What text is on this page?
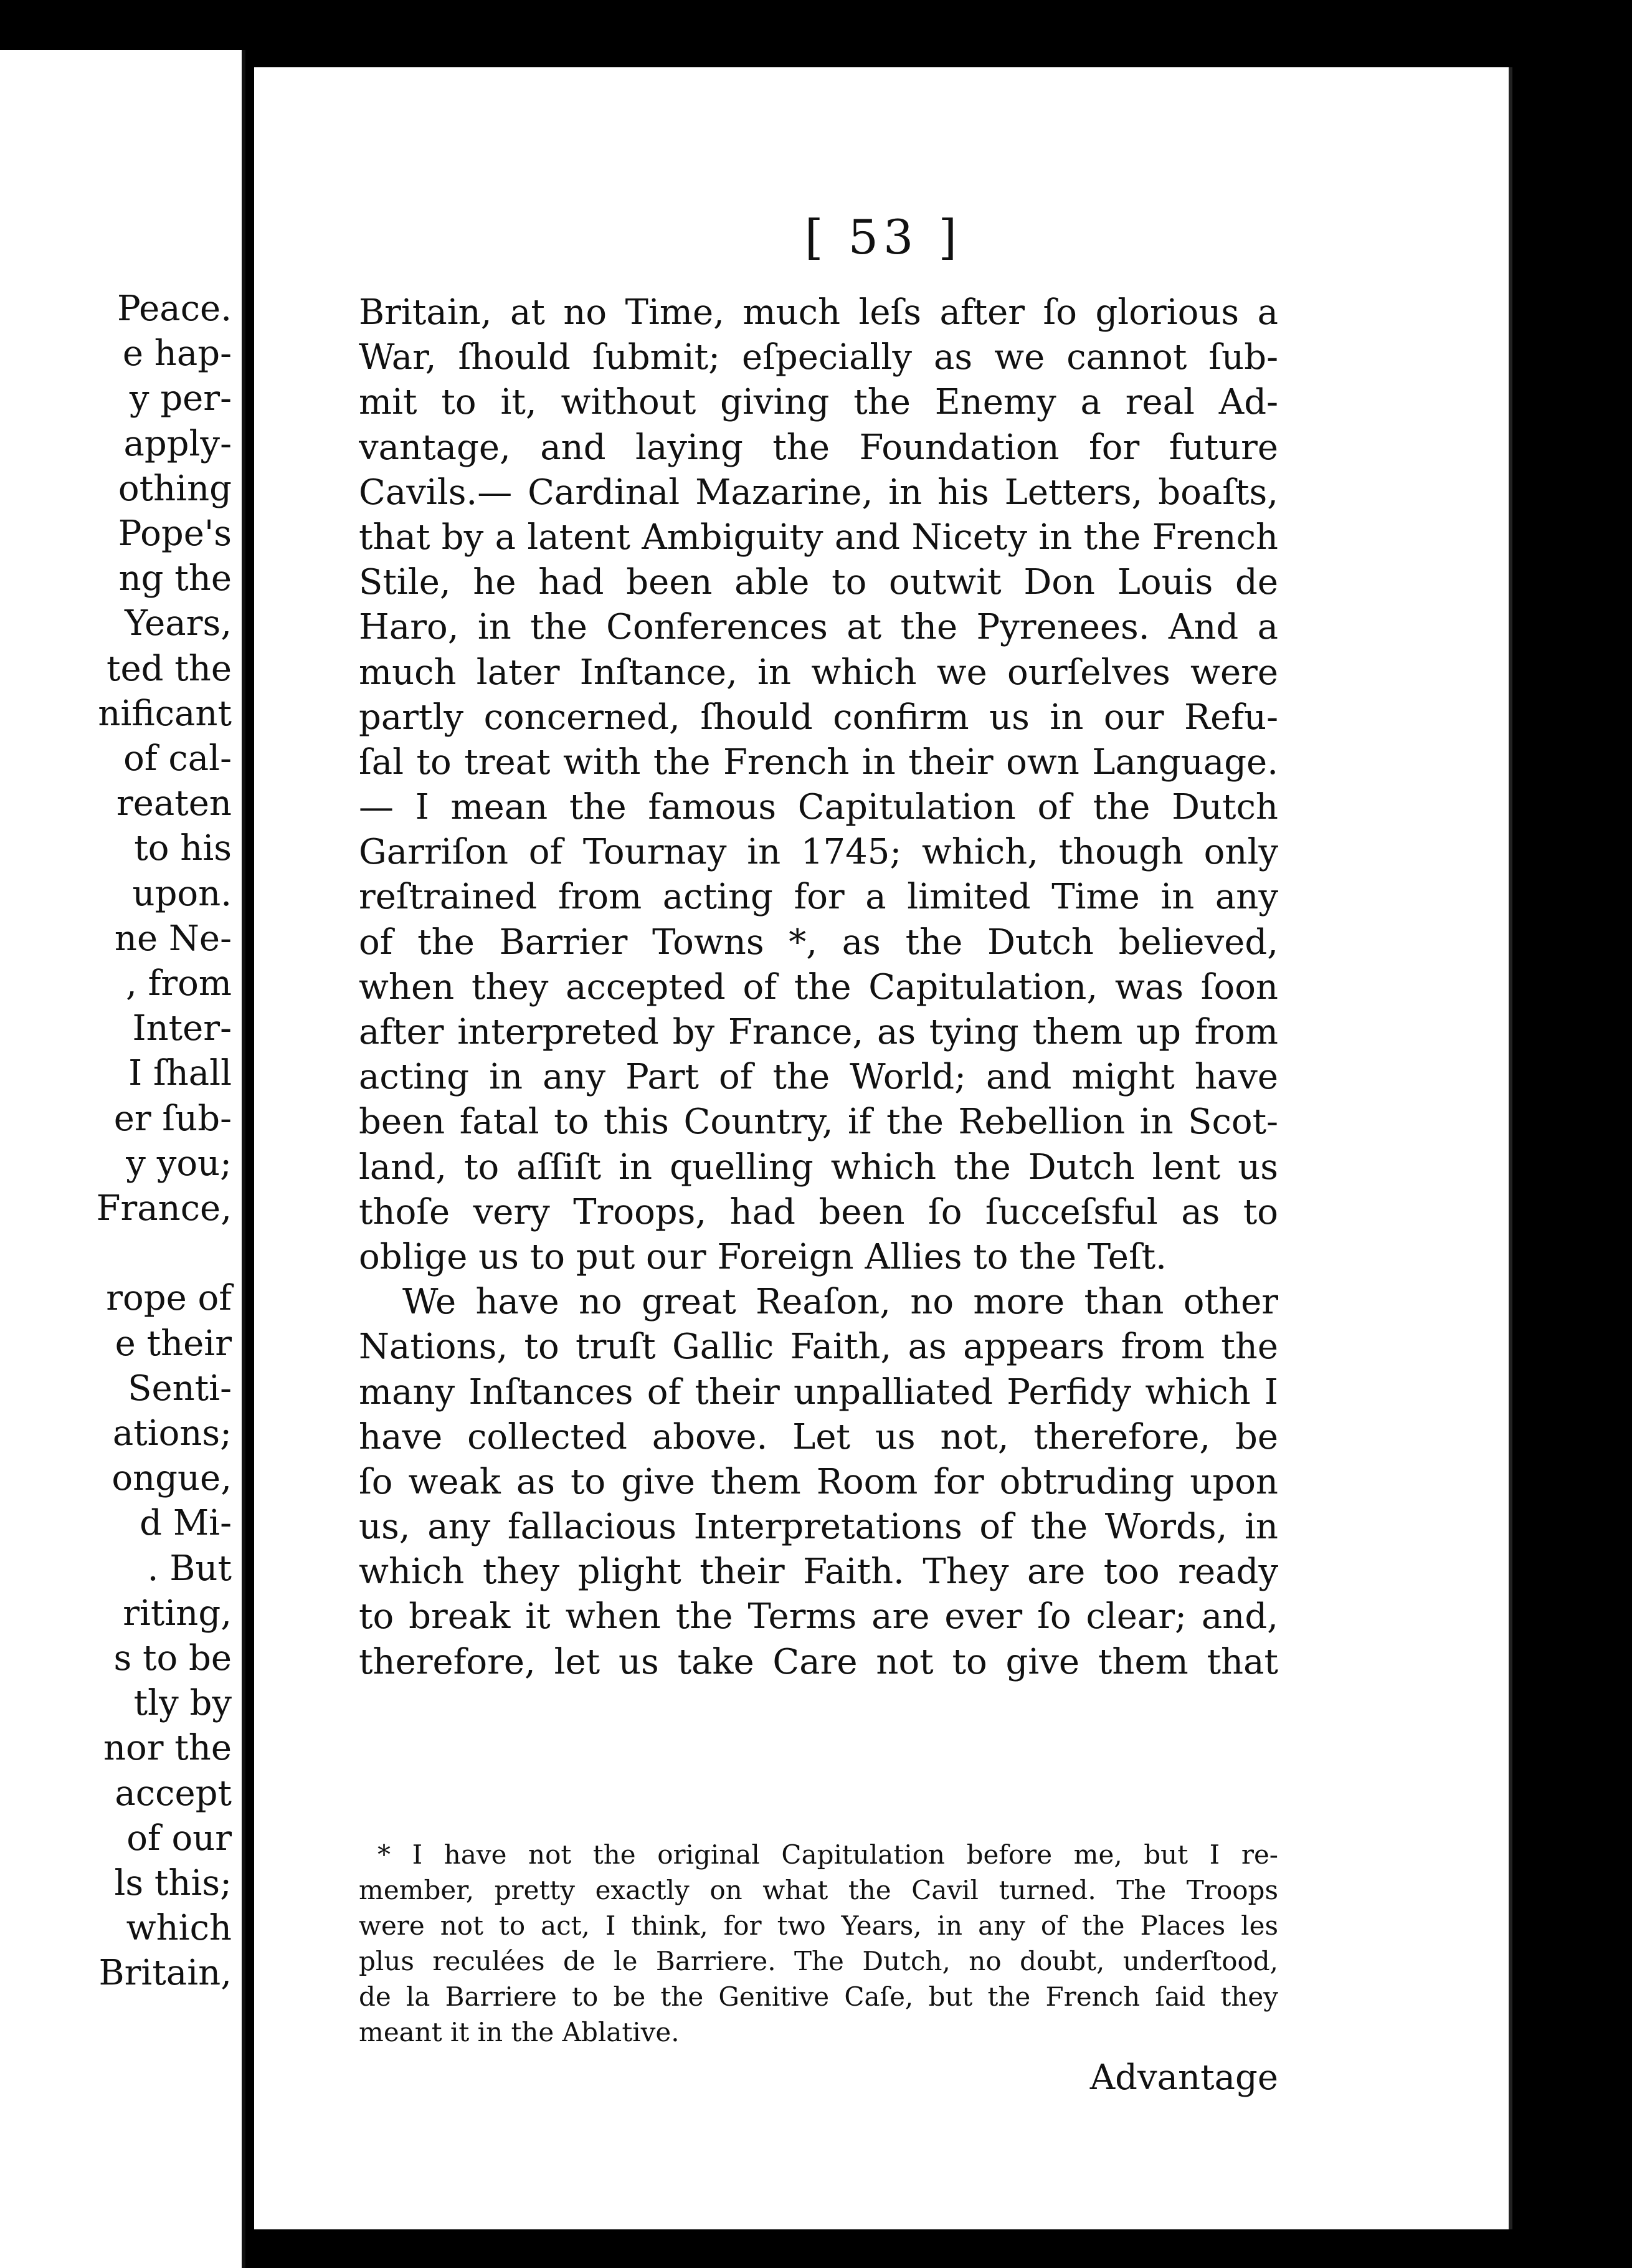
Peace.
e hap-
y per-
apply-
othing
Pope's
ng the
Years,
ted the
nificant
of cal-
reaten
to his
upon.
ne Ne-
, from
Inter-
I ſhall
er ſub-
y you;
France,
rope of
e their
Senti-
ations;
ongue,
d Mi-
. But
riting,
s to be
tly by
nor the
accept
of our
ls this;
which
Britain,
[ 53 ]
Britain, at no Time, much leſs after ſo glorious a
War, ſhould ſubmit; eſpecially as we cannot ſub-
mit to it, without giving the Enemy a real Ad-
vantage, and laying the Foundation for future
Cavils.— Cardinal Mazarine, in his Letters, boaſts,
that by a latent Ambiguity and Nicety in the French
Stile, he had been able to outwit Don Louis de
Haro, in the Conferences at the Pyrenees. And a
much later Inſtance, in which we ourſelves were
partly concerned, ſhould confirm us in our Refu-
ſal to treat with the French in their own Language.
— I mean the famous Capitulation of the Dutch
Garriſon of Tournay in 1745; which, though only
reſtrained from acting for a limited Time in any
of the Barrier Towns *, as the Dutch believed,
when they accepted of the Capitulation, was ſoon
after interpreted by France, as tying them up from
acting in any Part of the World; and might have
been fatal to this Country, if the Rebellion in Scot-
land, to aſſiſt in quelling which the Dutch lent us
thoſe very Troops, had been ſo ſucceſsful as to
oblige us to put our Foreign Allies to the Teſt.
We have no great Reaſon, no more than other
Nations, to truſt Gallic Faith, as appears from the
many Inſtances of their unpalliated Perfidy which I
have collected above. Let us not, therefore, be
ſo weak as to give them Room for obtruding upon
us, any fallacious Interpretations of the Words, in
which they plight their Faith. They are too ready
to break it when the Terms are ever ſo clear; and,
therefore, let us take Care not to give them that
* I have not the original Capitulation before me, but I re-
member, pretty exactly on what the Cavil turned. The Troops
were not to act, I think, for two Years, in any of the Places les
plus reculées de le Barriere. The Dutch, no doubt, underſtood,
de la Barriere to be the Genitive Caſe, but the French ſaid they
meant it in the Ablative.
Advantage
